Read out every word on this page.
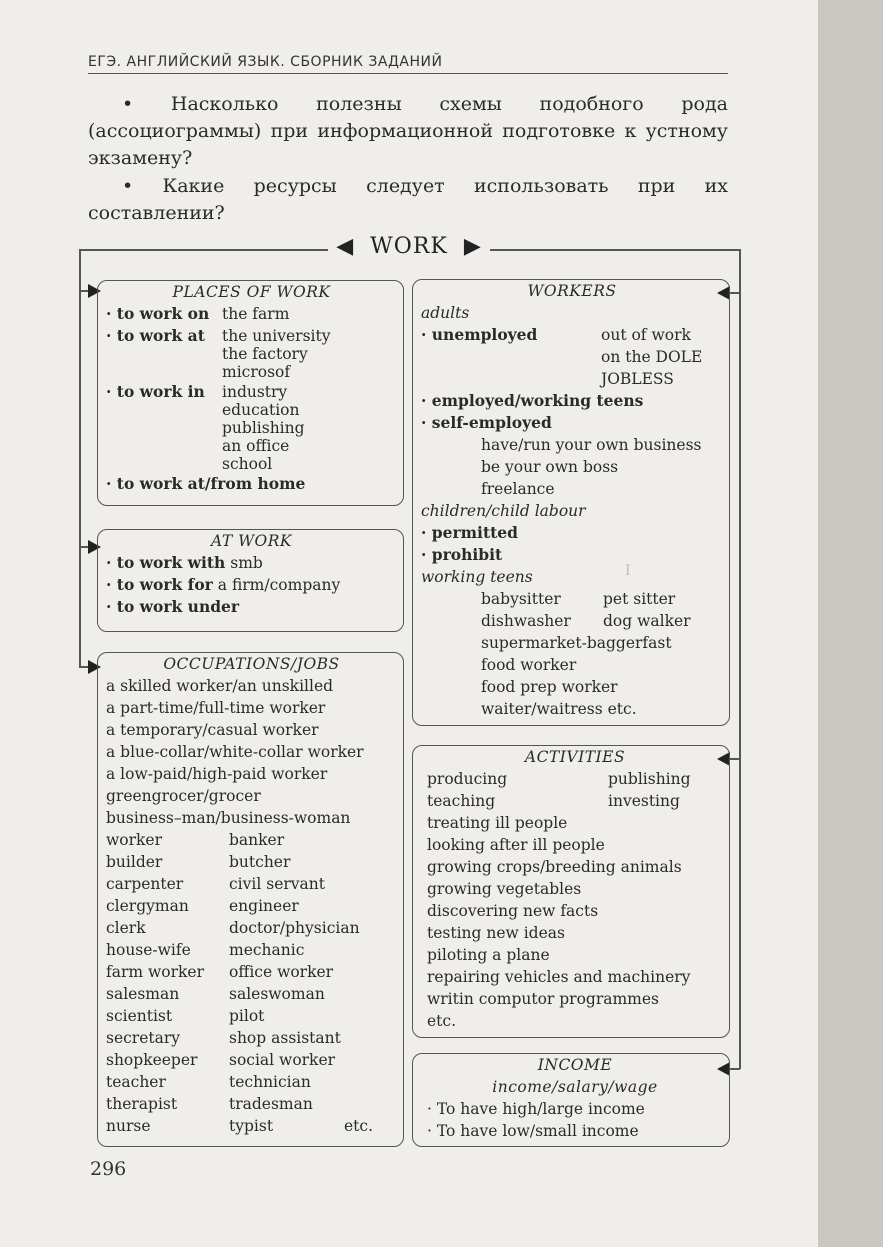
ЕГЭ. АНГЛИЙСКИЙ ЯЗЫК. СБОРНИК ЗАДАНИЙ
• Насколько полезны схемы подобного рода (ассоциограммы) при информационной подготовке к устному экзамену?
• Какие ресурсы следует использовать при их составлении?
◀ WORK ▶
PLACES OF WORK
· to work on the farm
· to work at	the university
the factory
microsof
· to work in	industry
education
publishing
an office
school
· to work at/from home
AT WORK
· to work with smb
· to work for a firm/company
· to work under
OCCUPATIONS/JOBS
a skilled worker/an unskilled
a part-time/full-time worker
a temporary/casual worker
a blue-collar/white-collar worker
a low-paid/high-paid worker
greengrocer/grocer
business–man/business-woman
worker	banker
builder	butcher
carpenter	civil servant
clergyman	engineer
clerk	doctor/physician
house-wife	mechanic
farm worker	office worker
salesman	saleswoman
scientist	pilot
secretary	shop assistant
shopkeeper	social worker
teacher	technician
therapist	tradesman
nurse	typist	etc.
WORKERS
adults
· unemployed	out of work
on the DOLE
JOBLESS
· employed/working teens
· self-employed
have/run your own business
be your own boss
freelance
children/child labour
· permitted
· prohibit
working teens
babysitter	pet sitter
dishwasher	dog walker
supermarket-baggerfast
food worker
food prep worker
waiter/waitress etc.
ACTIVITIES
producing	publishing
teaching	investing
treating ill people
looking after ill people
growing crops/breeding animals
growing vegetables
discovering new facts
testing new ideas
piloting a plane
repairing vehicles and machinery
writin computor programmes
etc.
INCOME
income/salary/wage
· To have high/large income
· To have low/small income
I
296
